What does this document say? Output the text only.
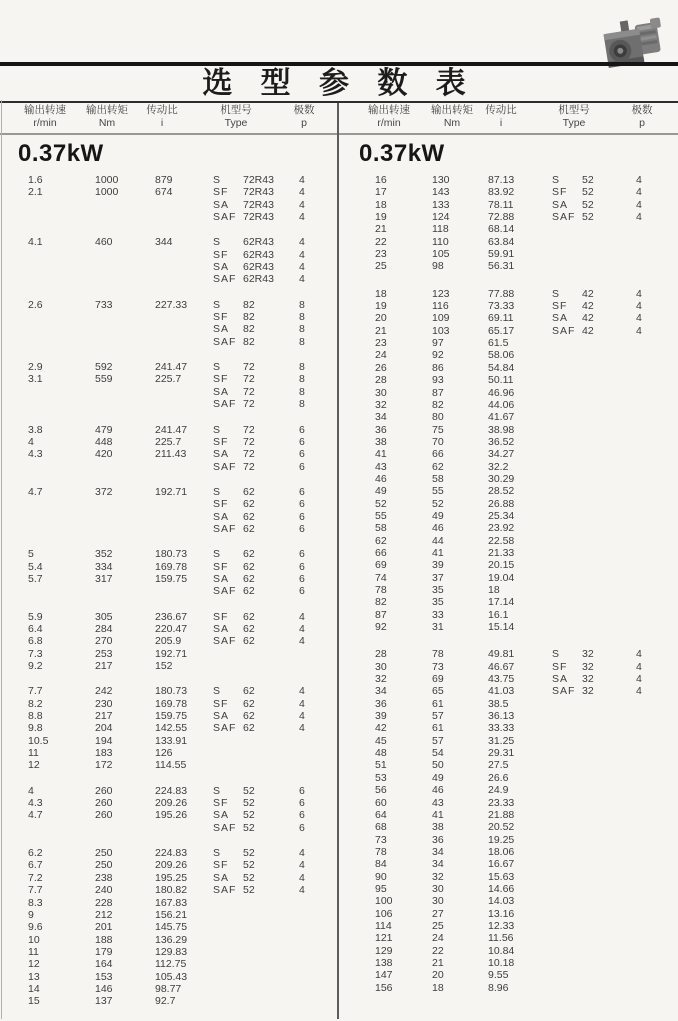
选 型 参 数 表
输出转速
r/min
输出转矩
Nm
传动比
i
机型号
Type
极数
p
输出转速
r/min
输出转矩
Nm
传动比
i
机型号
Type
极数
p
0.37kW
1.6	1000	879	S	72R43	4
2.1	1000	674	SF	72R43	4
SA	72R43	4
SAF 72R43	4
4.1	460	344	S	62R43	4
SF	62R43	4
SA	62R43	4
SAF 62R43	4
2.6	733	227.33	S	82	8
SF	82	8
SA	82	8
SAF 82	8
2.9	592	241.47	S	72	8
3.1	559	225.7	SF	72	8
SA	72	8
SAF 72	8
3.8	479	241.47	S	72	6
4	448	225.7	SF	72	6
4.3	420	211.43	SA	72	6
SAF 72	6
4.7	372	192.71	S	62	6
SF	62	6
SA	62	6
SAF 62	6
5	352	180.73	S	62	6
5.4	334	169.78	SF	62	6
5.7	317	159.75	SA	62	6
SAF 62	6
5.9	305	236.67	SF	62	4
6.4	284	220.47	SA	62	4
6.8	270	205.9	SAF 62	4
7.3	253	192.71
9.2	217	152
7.7	242	180.73	S	62	4
8.2	230	169.78	SF	62	4
8.8	217	159.75	SA	62	4
9.8	204	142.55	SAF 62	4
10.5	194	133.91
11	183	126
12	172	114.55
4	260	224.83	S	52	6
4.3	260	209.26	SF	52	6
4.7	260	195.26	SA	52	6
SAF 52	6
6.2	250	224.83	S	52	4
6.7	250	209.26	SF	52	4
7.2	238	195.25	SA	52	4
7.7	240	180.82	SAF 52	4
8.3	228	167.83
9	212	156.21
9.6	201	145.75
10	188	136.29
11	179	129.83
12	164	112.75
13	153	105.43
14	146	98.77
15	137	92.7
0.37kW
16	130	87.13	S	52	4
17	143	83.92	SF	52	4
18	133	78.11	SA	52	4
19	124	72.88	SAF 52	4
21	118	68.14
22	110	63.84
23	105	59.91
25	98	56.31
18	123	77.88	S	42	4
19	116	73.33	SF	42	4
20	109	69.11	SA	42	4
21	103	65.17	SAF 42	4
23	97	61.5
24	92	58.06
26	86	54.84
28	93	50.11
30	87	46.96
32	82	44.06
34	80	41.67
36	75	38.98
38	70	36.52
41	66	34.27
43	62	32.2
46	58	30.29
49	55	28.52
52	52	26.88
55	49	25.34
58	46	23.92
62	44	22.58
66	41	21.33
69	39	20.15
74	37	19.04
78	35	18
82	35	17.14
87	33	16.1
92	31	15.14
28	78	49.81	S	32	4
30	73	46.67	SF	32	4
32	69	43.75	SA	32	4
34	65	41.03	SAF 32	4
36	61	38.5
39	57	36.13
42	61	33.33
45	57	31.25
48	54	29.31
51	50	27.5
53	49	26.6
56	46	24.9
60	43	23.33
64	41	21.88
68	38	20.52
73	36	19.25
78	34	18.06
84	34	16.67
90	32	15.63
95	30	14.66
100	30	14.03
106	27	13.16
114	25	12.33
121	24	11.56
129	22	10.84
138	21	10.18
147	20	9.55
156	18	8.96
